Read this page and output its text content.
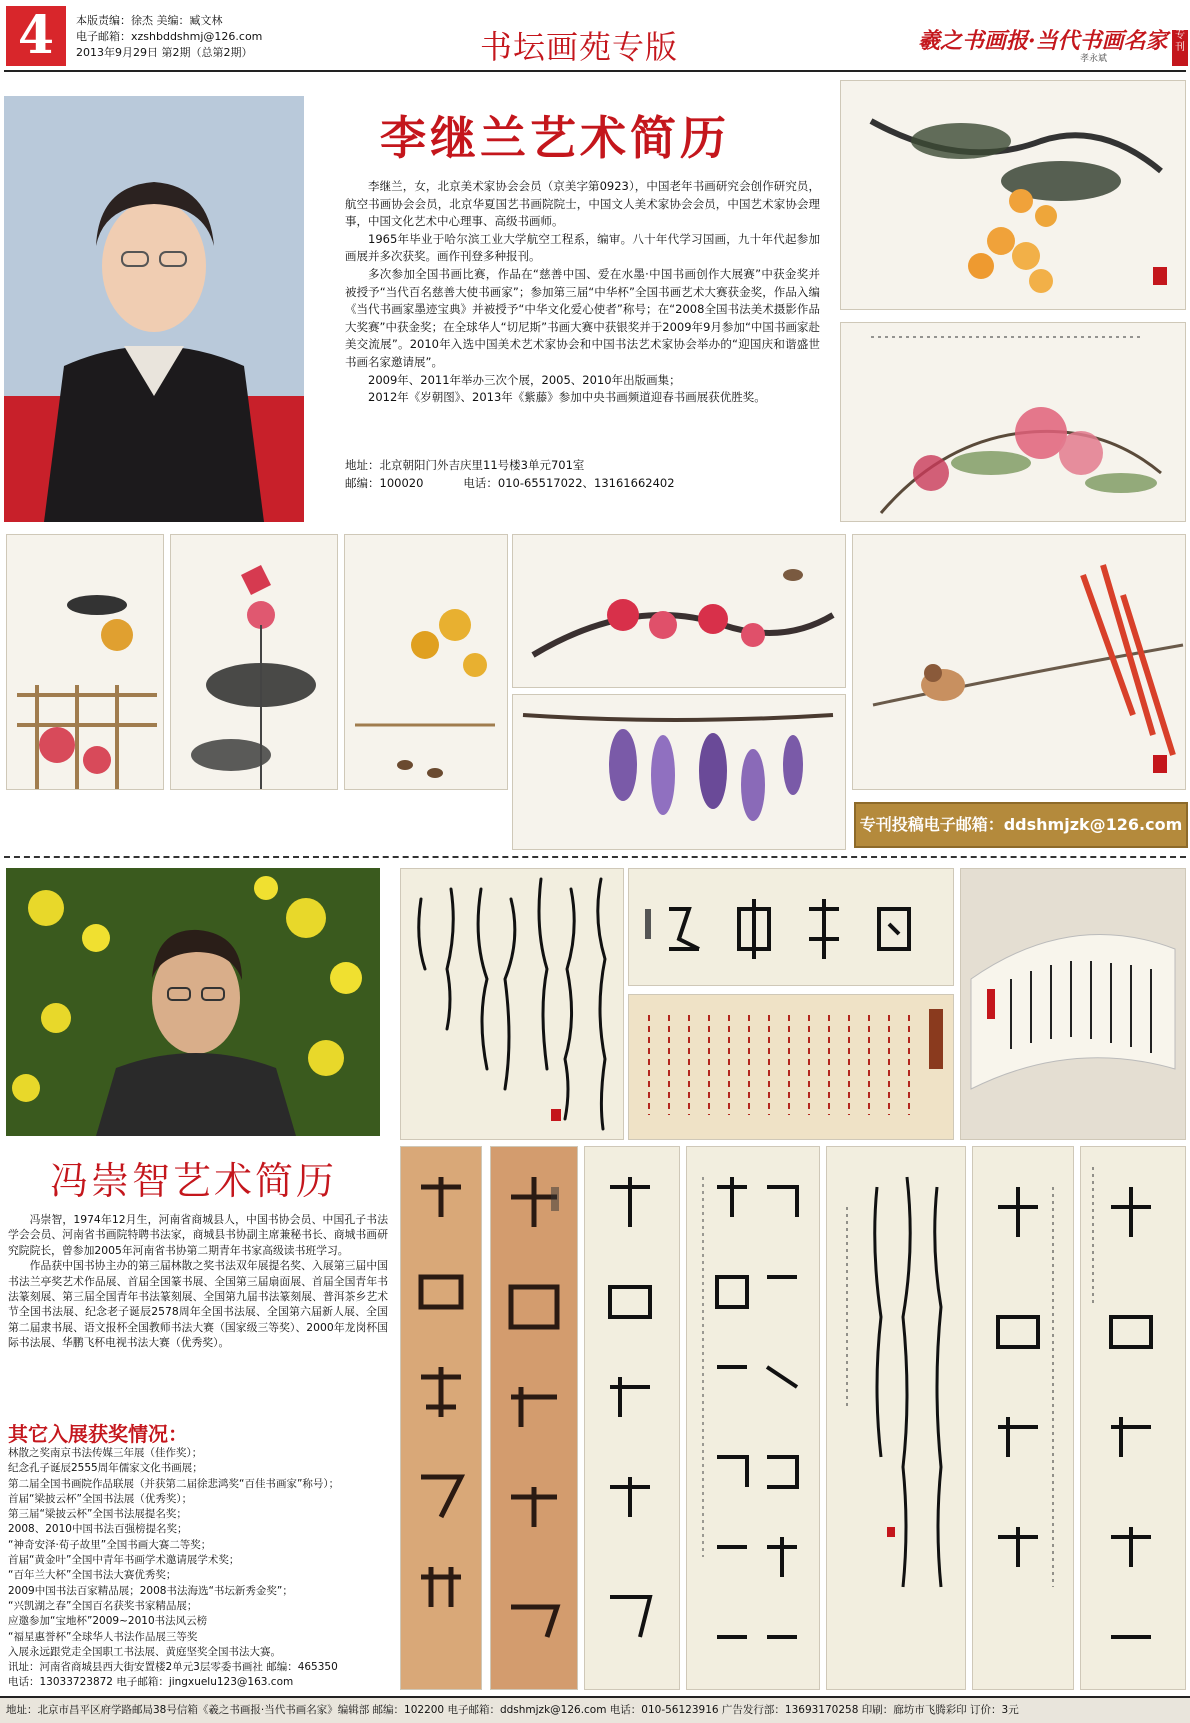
4	本版责编：徐杰 美编：臧文林
电子邮箱：xzshbddshmj@126.com
2013年9月29日 第2期（总第2期）	书坛画苑专版	羲之书画报·当代书画名家
孝永斌
专刊
李继兰艺术简历

李继兰，女，北京美术家协会会员（京美字第0923），中国老年书画研究会创作研究员，航空书画协会会员，北京华夏国艺书画院院士，中国文人美术家协会会员，中国艺术家协会理事，中国文化艺术中心理事、高级书画师。

1965年毕业于哈尔滨工业大学航空工程系，编审。八十年代学习国画，九十年代起参加画展并多次获奖。画作刊登多种报刊。

多次参加全国书画比赛，作品在“慈善中国、爱在水墨·中国书画创作大展赛”中获金奖并被授予“当代百名慈善大使书画家”；参加第三届“中华杯”全国书画艺术大赛获金奖，作品入编《当代书画家墨迹宝典》并被授予“中华文化爱心使者”称号；在“2008全国书法美术摄影作品大奖赛”中获金奖；在全球华人“切尼斯”书画大赛中获银奖并于2009年9月参加“中国书画家赴美交流展”。2010年入选中国美术艺术家协会和中国书法艺术家协会举办的“迎国庆和谐盛世书画名家邀请展”。

2009年、2011年举办三次个展，2005、2010年出版画集；

2012年《岁朝图》、2013年《紫藤》参加中央书画频道迎春书画展获优胜奖。

地址：北京朝阳门外吉庆里11号楼3单元701室
邮编：100020	电话：010-65517022、13161662402
专刊投稿电子邮箱：ddshmjzk@126.com
冯崇智艺术简历

冯崇智，1974年12月生，河南省商城县人，中国书协会员、中国孔子书法学会会员、河南省书画院特聘书法家，商城县书协副主席兼秘书长、商城书画研究院院长，曾参加2005年河南省书协第二期青年书家高级读书班学习。

作品获中国书协主办的第三届林散之奖书法双年展提名奖、入展第三届中国书法兰亭奖艺术作品展、首届全国篆书展、全国第三届扇面展、首届全国青年书法篆刻展、第三届全国青年书法篆刻展、全国第九届书法篆刻展、普洱茶乡艺术节全国书法展、纪念老子诞辰2578周年全国书法展、全国第六届新人展、全国第二届隶书展、语文报杯全国教师书法大赛（国家级三等奖）、2000年龙岗杯国际书法展、华鹏飞杯电视书法大赛（优秀奖）。

其它入展获奖情况：
林散之奖南京书法传媒三年展（佳作奖）；
纪念孔子诞辰2555周年儒家文化书画展；
第二届全国书画院作品联展（并获第二届徐悲鸿奖“百佳书画家”称号）；
首届“梁披云杯”全国书法展（优秀奖）；
第三届“梁披云杯”全国书法展提名奖；
2008、2010中国书法百强榜提名奖；
“神奇安泽·荀子故里”全国书画大赛二等奖；
首届“黄金叶”全国中青年书画学术邀请展学术奖；
“百年兰大杯”全国书法大赛优秀奖；
2009中国书法百家精品展；2008书法海选“书坛新秀金奖”；
“兴凯湖之春”全国百名获奖书家精品展；
应邀参加“宝地杯”2009~2010书法风云榜
“福星惠誉杯”全球华人书法作品展三等奖
入展永远跟党走全国职工书法展、黄庭坚奖全国书法大赛。
讯址：河南省商城县西大街安置楼2单元3层零委书画社 邮编：465350
电话：13033723872 电子邮箱：jingxuelu123@163.com
地址：北京市昌平区府学路邮局38号信箱《羲之书画报·当代书画名家》编辑部 邮编：102200 电子邮箱：ddshmjzk@126.com 电话：010-56123916 广告发行部：13693170258 印刷：廊坊市飞腾彩印 订价：3元
